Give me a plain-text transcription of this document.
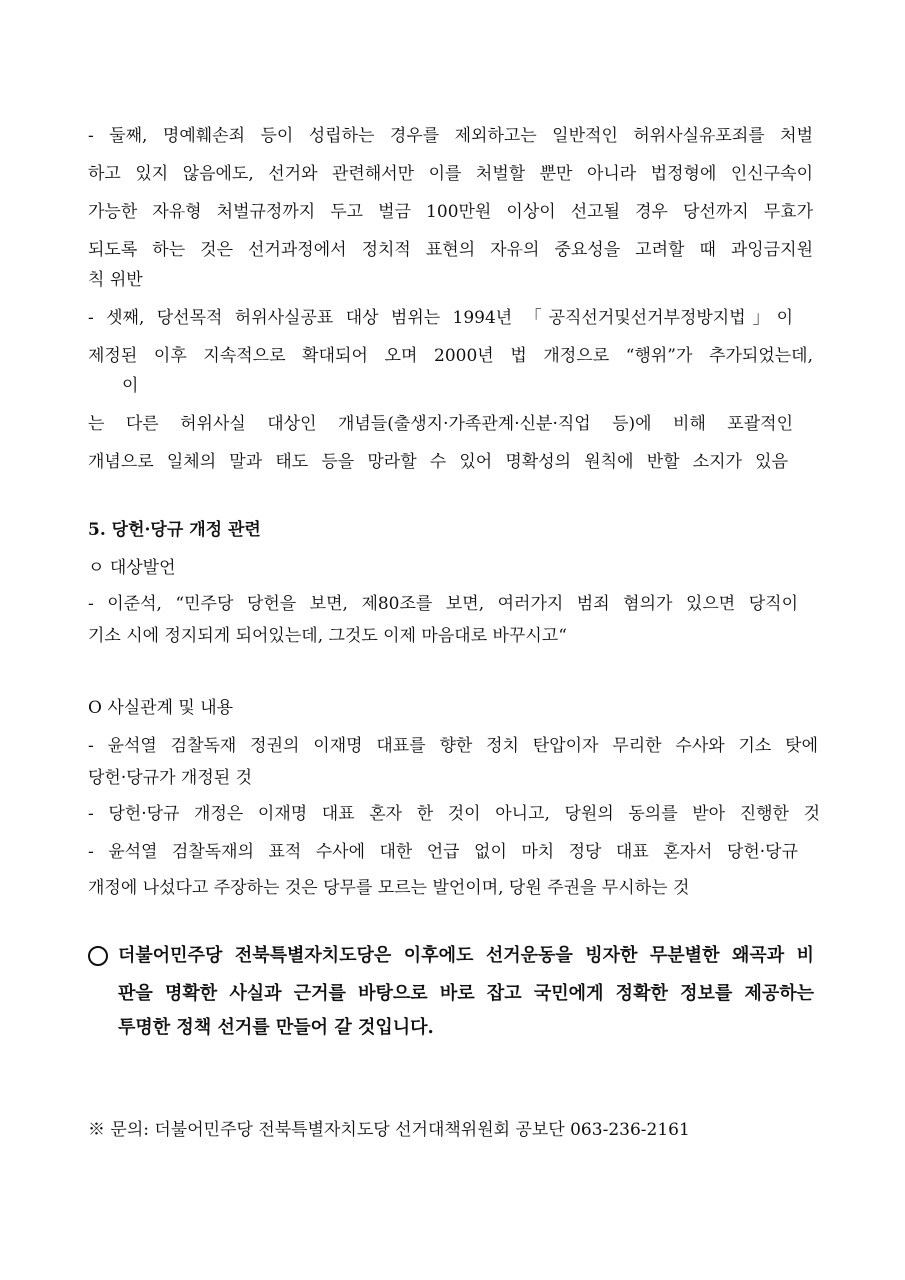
- 둘째, 명예훼손죄 등이 성립하는 경우를 제외하고는 일반적인 허위사실유포죄를 처벌
하고 있지 않음에도, 선거와 관련해서만 이를 처벌할 뿐만 아니라 법정형에 인신구속이
가능한 자유형 처벌규정까지 두고 벌금 100만원 이상이 선고될 경우 당선까지 무효가
되도록 하는 것은 선거과정에서 정치적 표현의 자유의 중요성을 고려할 때 과잉금지원
칙 위반
- 셋째, 당선목적 허위사실공표 대상 범위는 1994년 「공직선거및선거부정방지법」이
제정된 이후 지속적으로 확대되어 오며 2000년 법 개정으로 “행위”가 추가되었는데,
이
는 다른 허위사실 대상인 개념들(출생지·가족관계·신분·직업 등)에 비해 포괄적인
개념으로 일체의 말과 태도 등을 망라할 수 있어 명확성의 원칙에 반할 소지가 있음
5. 당헌·당규 개정 관련
ㅇ 대상발언
- 이준석, “민주당 당헌을 보면, 제80조를 보면, 여러가지 범죄 혐의가 있으면 당직이
기소 시에 정지되게 되어있는데, 그것도 이제 마음대로 바꾸시고“
O 사실관계 및 내용
- 윤석열 검찰독재 정권의 이재명 대표를 향한 정치 탄압이자 무리한 수사와 기소 탓에
당헌·당규가 개정된 것
- 당헌·당규 개정은 이재명 대표 혼자 한 것이 아니고, 당원의 동의를 받아 진행한 것
- 윤석열 검찰독재의 표적 수사에 대한 언급 없이 마치 정당 대표 혼자서 당헌·당규
개정에 나섰다고 주장하는 것은 당무를 모르는 발언이며, 당원 주권을 무시하는 것
더불어민주당 전북특별자치도당은 이후에도 선거운동을 빙자한 무분별한 왜곡과 비
판을 명확한 사실과 근거를 바탕으로 바로 잡고 국민에게 정확한 정보를 제공하는
투명한 정책 선거를 만들어 갈 것입니다.
※ 문의: 더불어민주당 전북특별자치도당 선거대책위원회 공보단 063-236-2161
